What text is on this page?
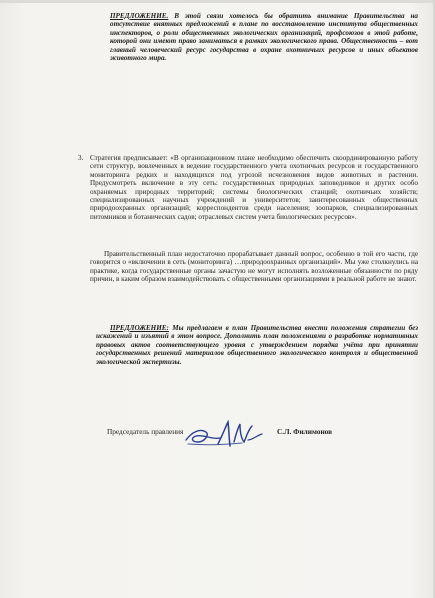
ПРЕДЛОЖЕНИЕ. В этой связи хотелось бы обратить внимание Правительства на отсутствие внятных предложений в плане по восстановлению института общественных инспекторов, о роли общественных экологических организаций, профсоюзов в этой работе, которой они имеют право заниматься в рамках экологического права. Общественность – вот главный человеческий ресурс государства в охране охотничьих ресурсов и иных объектов животного мира.

3. Стратегия предписывает: «В организационном плане необходимо обеспечить скоординированную работу сети структур, вовлеченных в ведение государственного учета охотничьих ресурсов и государственного мониторинга редких и находящихся под угрозой исчезновения видов животных и растении. Предусмотреть включение в эту сеть: государственных природных заповедников и других особо охраняемых природных территорий; системы биологических станций; охотничьих хозяйств; специализированных научных учреждений и университетов; заинтересованных общественных природоохранных организаций; корреспондентов среди населения; зоопарков, специализированных питомников и ботанических садов; отраслевых систем учета биологических ресурсов».

Правительственный план недостаточно прорабатывает данный вопрос, особенно в той его части, где говорится о «включении в сеть (мониторинга) …природоохранных организаций». Мы уже столкнулись на практике, когда государственные органы зачастую не могут исполнять возложенные обязанности по ряду причин, в каким образом взаимодействовать с общественными организациями в реальной работе не знают.

ПРЕДЛОЖЕНИЕ: Мы предлагаем в план Правительства внести положения стратегии без искажений и изъятий в этом вопросе. Дополнить план положениями о разработке нормативных правовых актов соответствующего уровня с утверждением порядка учёта при принятии государственных решений материалов общественного экологического контроля и общественной экологической экспертизы.

Председатель правления	С.Л. Филимонов
